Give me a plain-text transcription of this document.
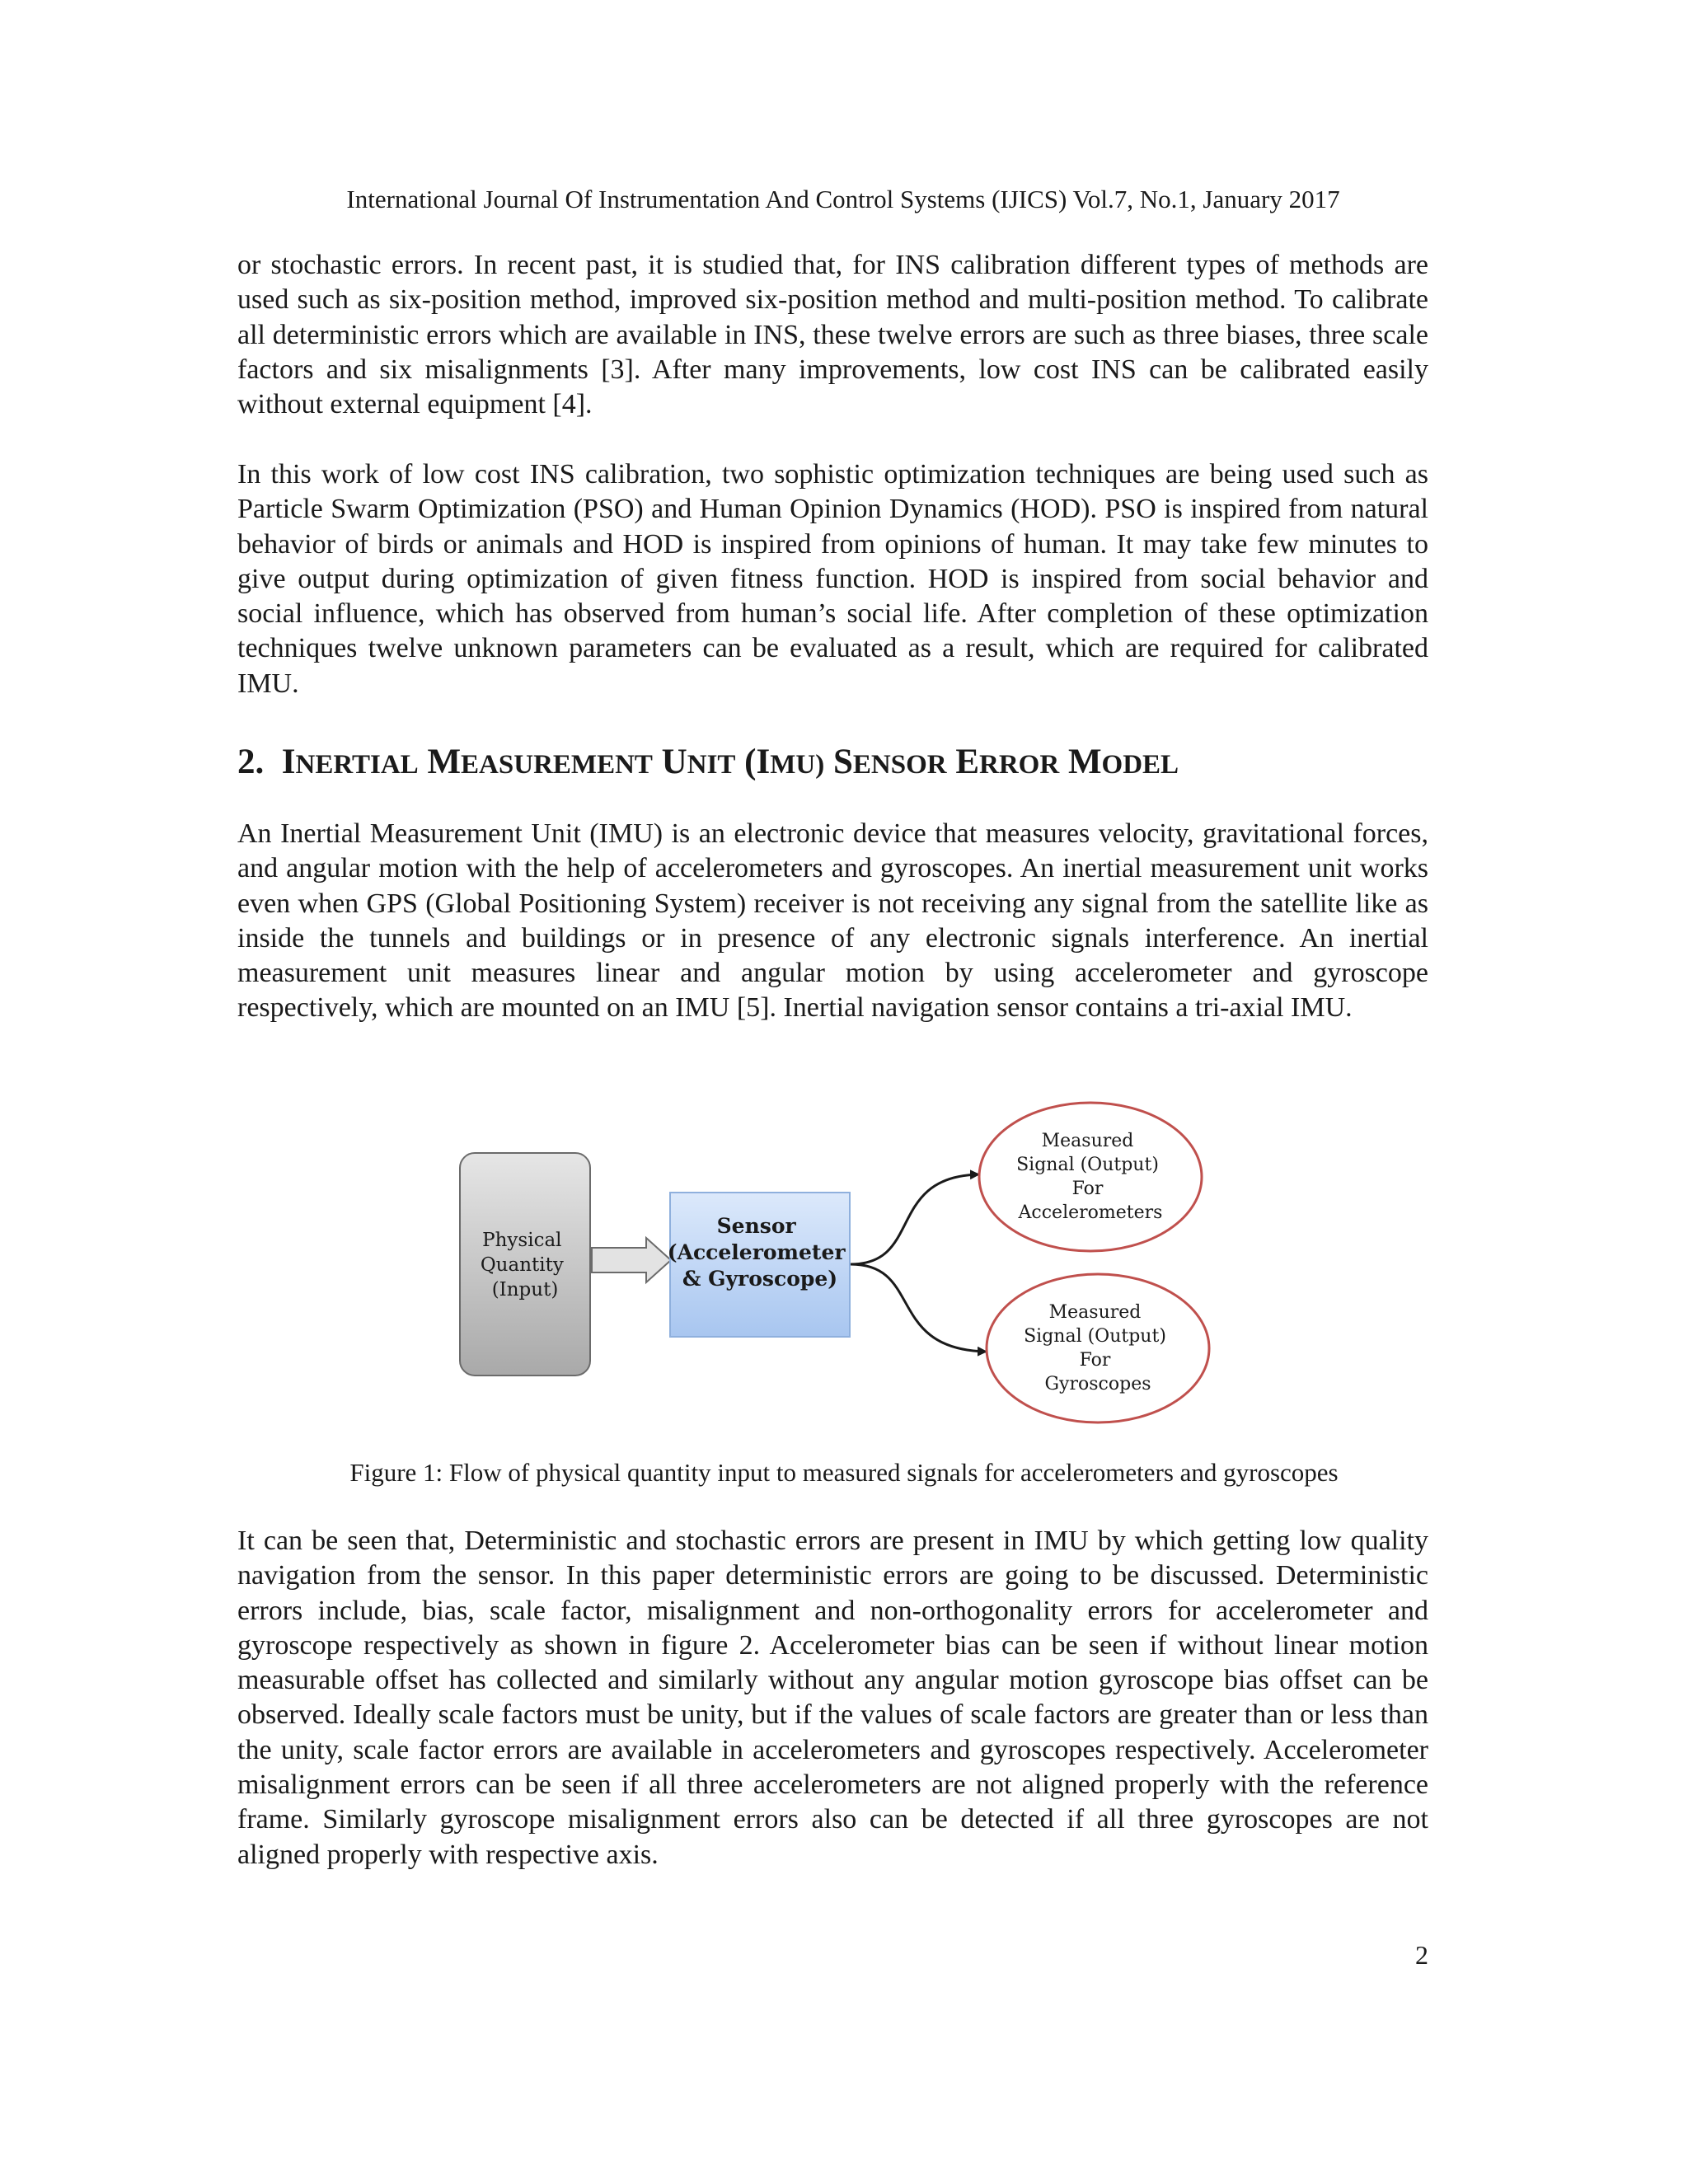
International Journal Of Instrumentation And Control Systems (IJICS) Vol.7, No.1, January 2017

or stochastic errors. In recent past, it is studied that, for INS calibration different types of methods are used such as six-position method, improved six-position method and multi-position method. To calibrate all deterministic errors which are available in INS, these twelve errors are such as three biases, three scale factors and six misalignments [3]. After many improvements, low cost INS can be calibrated easily without external equipment [4].

In this work of low cost INS calibration, two sophistic optimization techniques are being used such as Particle Swarm Optimization (PSO) and Human Opinion Dynamics (HOD). PSO is inspired from natural behavior of birds or animals and HOD is inspired from opinions of human. It may take few minutes to give output during optimization of given fitness function. HOD is inspired from social behavior and social influence, which has observed from human’s social life. After completion of these optimization techniques twelve unknown parameters can be evaluated as a result, which are required for calibrated IMU.

2. INERTIAL MEASUREMENT UNIT (IMU) SENSOR ERROR MODEL

An Inertial Measurement Unit (IMU) is an electronic device that measures velocity, gravitational forces, and angular motion with the help of accelerometers and gyroscopes. An inertial measurement unit works even when GPS (Global Positioning System) receiver is not receiving any signal from the satellite like as inside the tunnels and buildings or in presence of any electronic signals interference. An inertial measurement unit measures linear and angular motion by using accelerometer and gyroscope respectively, which are mounted on an IMU [5]. Inertial navigation sensor contains a tri-axial IMU.

Physical Quantity (Input)
Sensor (Accelerometer & Gyroscope)
Measured Signal (Output) For Accelerometers
Measured Signal (Output) For Gyroscopes
Figure 1: Flow of physical quantity input to measured signals for accelerometers and gyroscopes

It can be seen that, Deterministic and stochastic errors are present in IMU by which getting low quality navigation from the sensor. In this paper deterministic errors are going to be discussed. Deterministic errors include, bias, scale factor, misalignment and non-orthogonality errors for accelerometer and gyroscope respectively as shown in figure 2. Accelerometer bias can be seen if without linear motion measurable offset has collected and similarly without any angular motion gyroscope bias offset can be observed. Ideally scale factors must be unity, but if the values of scale factors are greater than or less than the unity, scale factor errors are available in accelerometers and gyroscopes respectively. Accelerometer misalignment errors can be seen if all three accelerometers are not aligned properly with the reference frame. Similarly gyroscope misalignment errors also can be detected if all three gyroscopes are not aligned properly with respective axis.

2
